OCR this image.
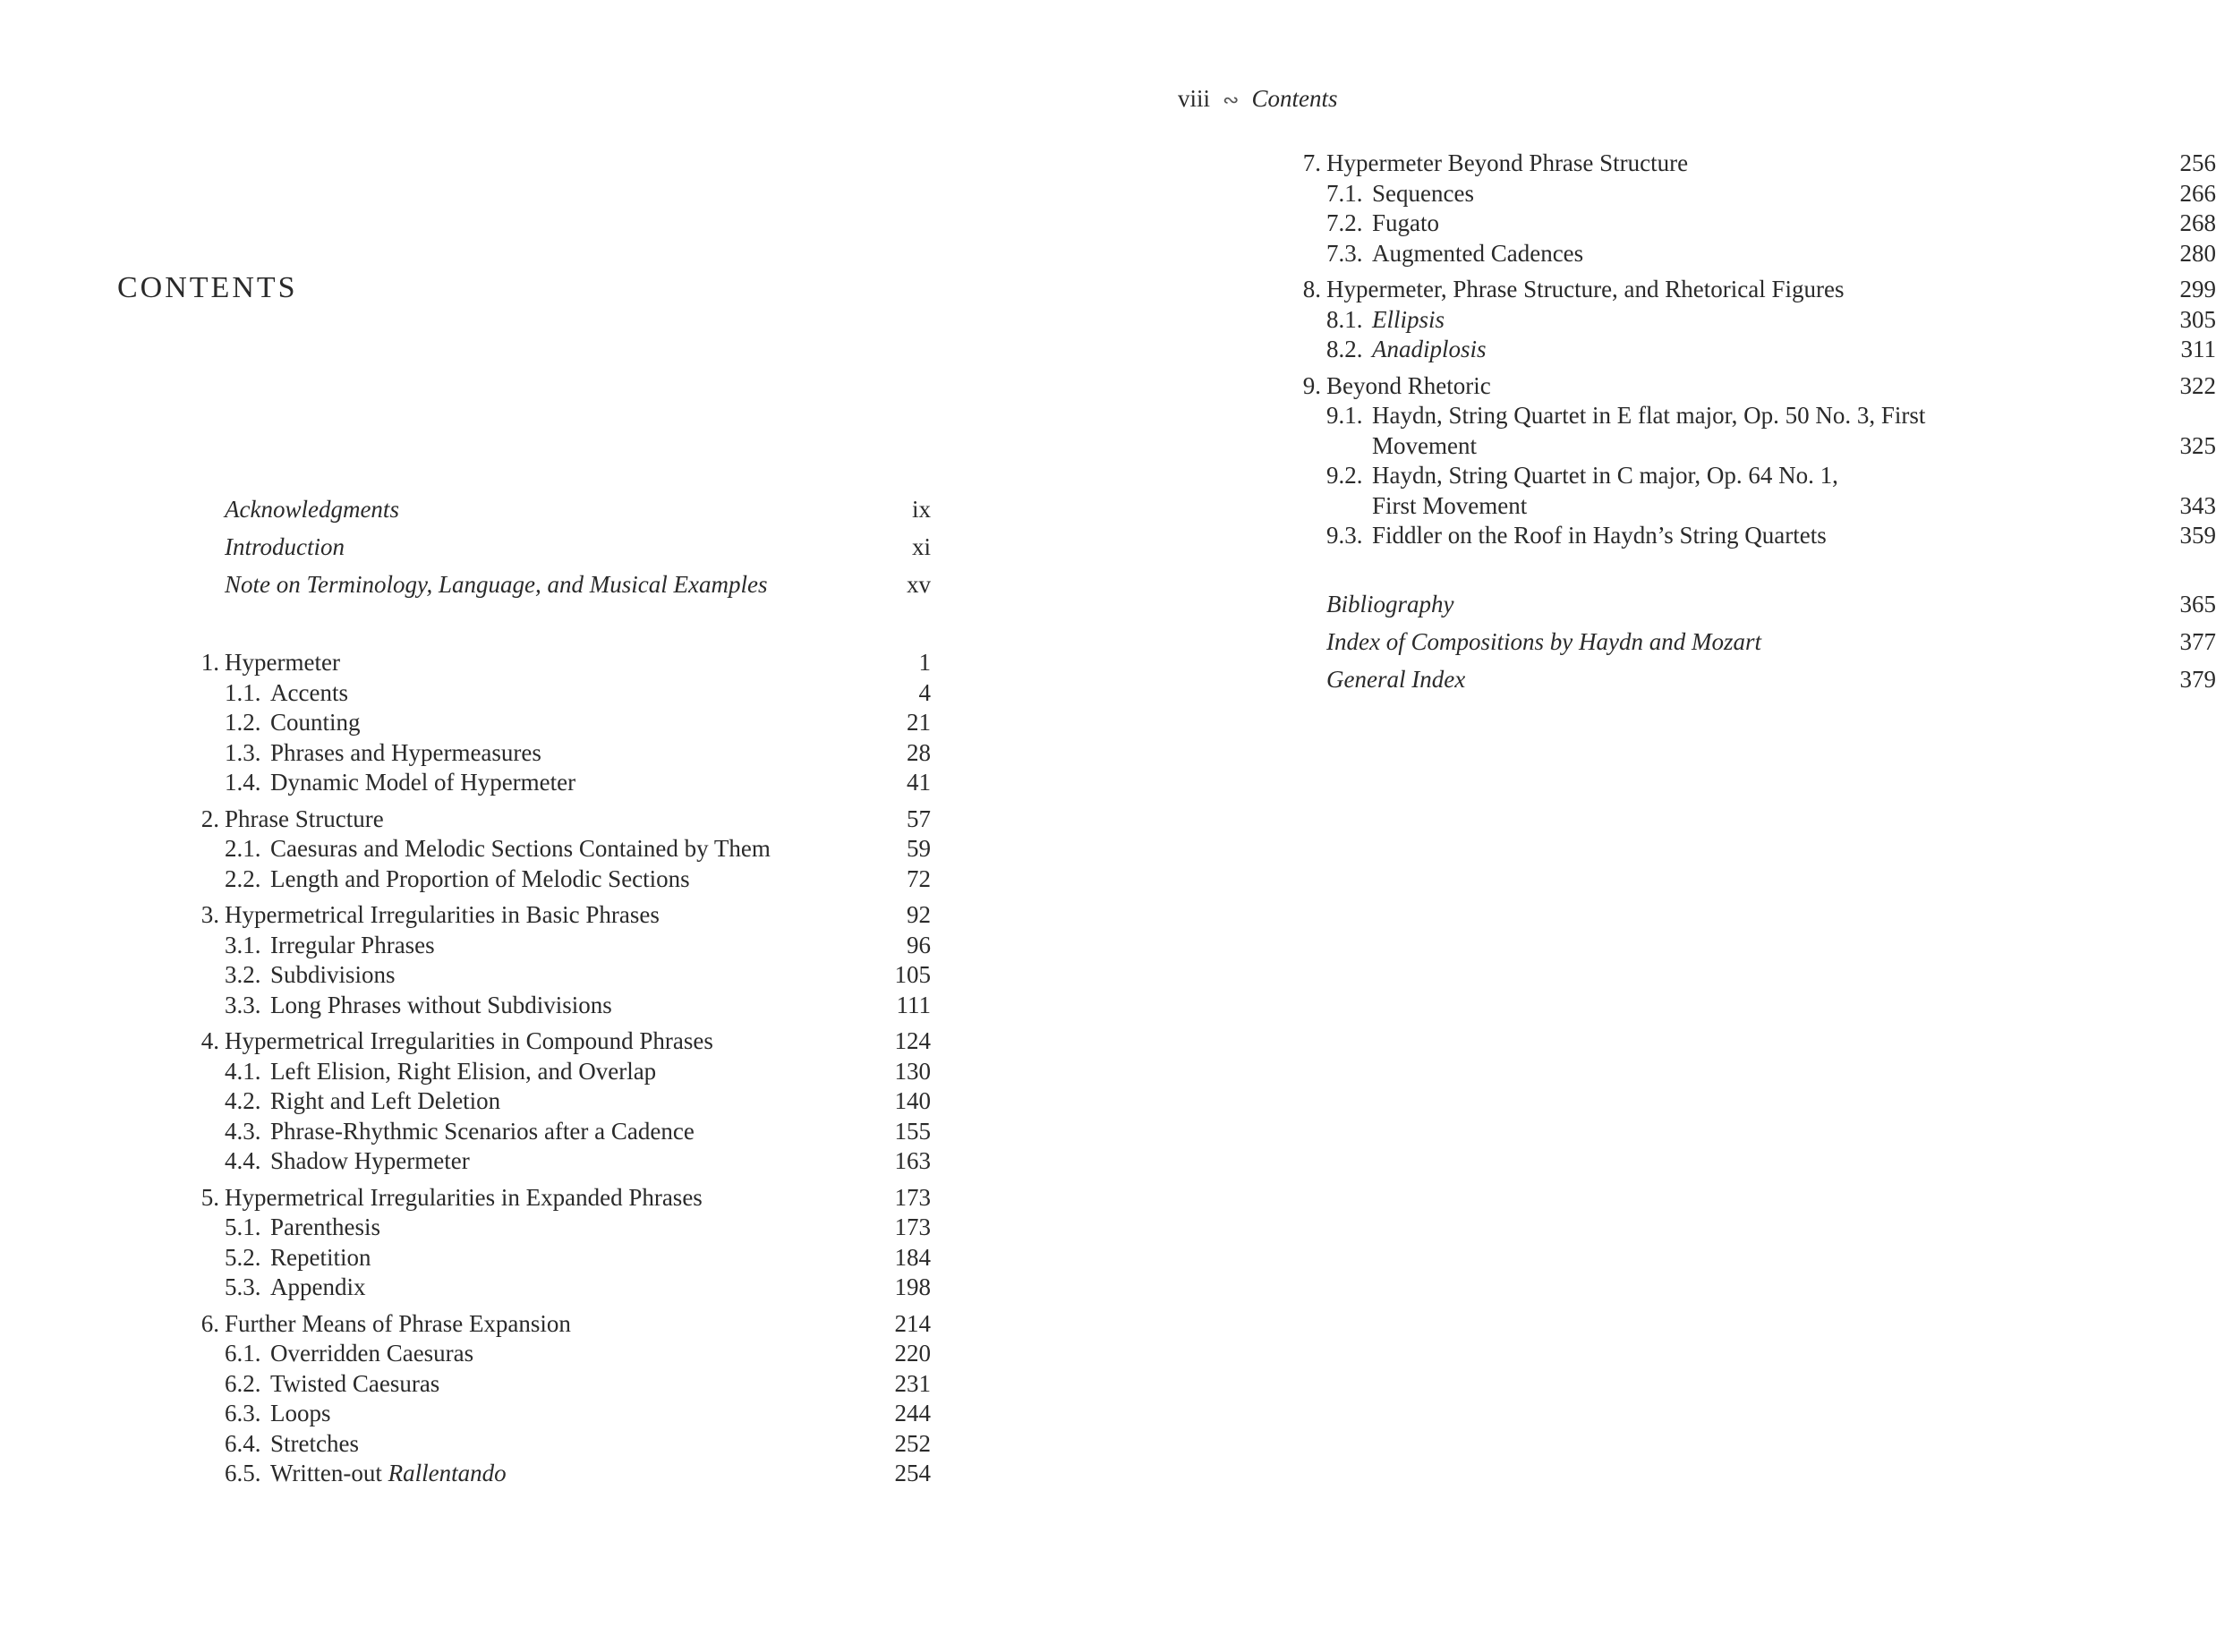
CONTENTS
Acknowledgments	ix
Introduction	xi
Note on Terminology, Language, and Musical Examples	xv
1. Hypermeter	1
1.1. Accents	4
1.2. Counting	21
1.3. Phrases and Hypermeasures	28
1.4. Dynamic Model of Hypermeter	41
2. Phrase Structure	57
2.1. Caesuras and Melodic Sections Contained by Them	59
2.2. Length and Proportion of Melodic Sections	72
3. Hypermetrical Irregularities in Basic Phrases	92
3.1. Irregular Phrases	96
3.2. Subdivisions	105
3.3. Long Phrases without Subdivisions	111
4. Hypermetrical Irregularities in Compound Phrases	124
4.1. Left Elision, Right Elision, and Overlap	130
4.2. Right and Left Deletion	140
4.3. Phrase-Rhythmic Scenarios after a Cadence	155
4.4. Shadow Hypermeter	163
5. Hypermetrical Irregularities in Expanded Phrases	173
5.1. Parenthesis	173
5.2. Repetition	184
5.3. Appendix	198
6. Further Means of Phrase Expansion	214
6.1. Overridden Caesuras	220
6.2. Twisted Caesuras	231
6.3. Loops	244
6.4. Stretches	252
6.5. Written-out Rallentando	254
viii ∾ Contents
7. Hypermeter Beyond Phrase Structure	256
7.1. Sequences	266
7.2. Fugato	268
7.3. Augmented Cadences	280
8. Hypermeter, Phrase Structure, and Rhetorical Figures	299
8.1. Ellipsis	305
8.2. Anadiplosis	311
9. Beyond Rhetoric	322
9.1. Haydn, String Quartet in E flat major, Op. 50 No. 3, First
Movement	325
9.2. Haydn, String Quartet in C major, Op. 64 No. 1,
First Movement	343
9.3. Fiddler on the Roof in Haydn’s String Quartets	359
Bibliography	365
Index of Compositions by Haydn and Mozart	377
General Index	379
